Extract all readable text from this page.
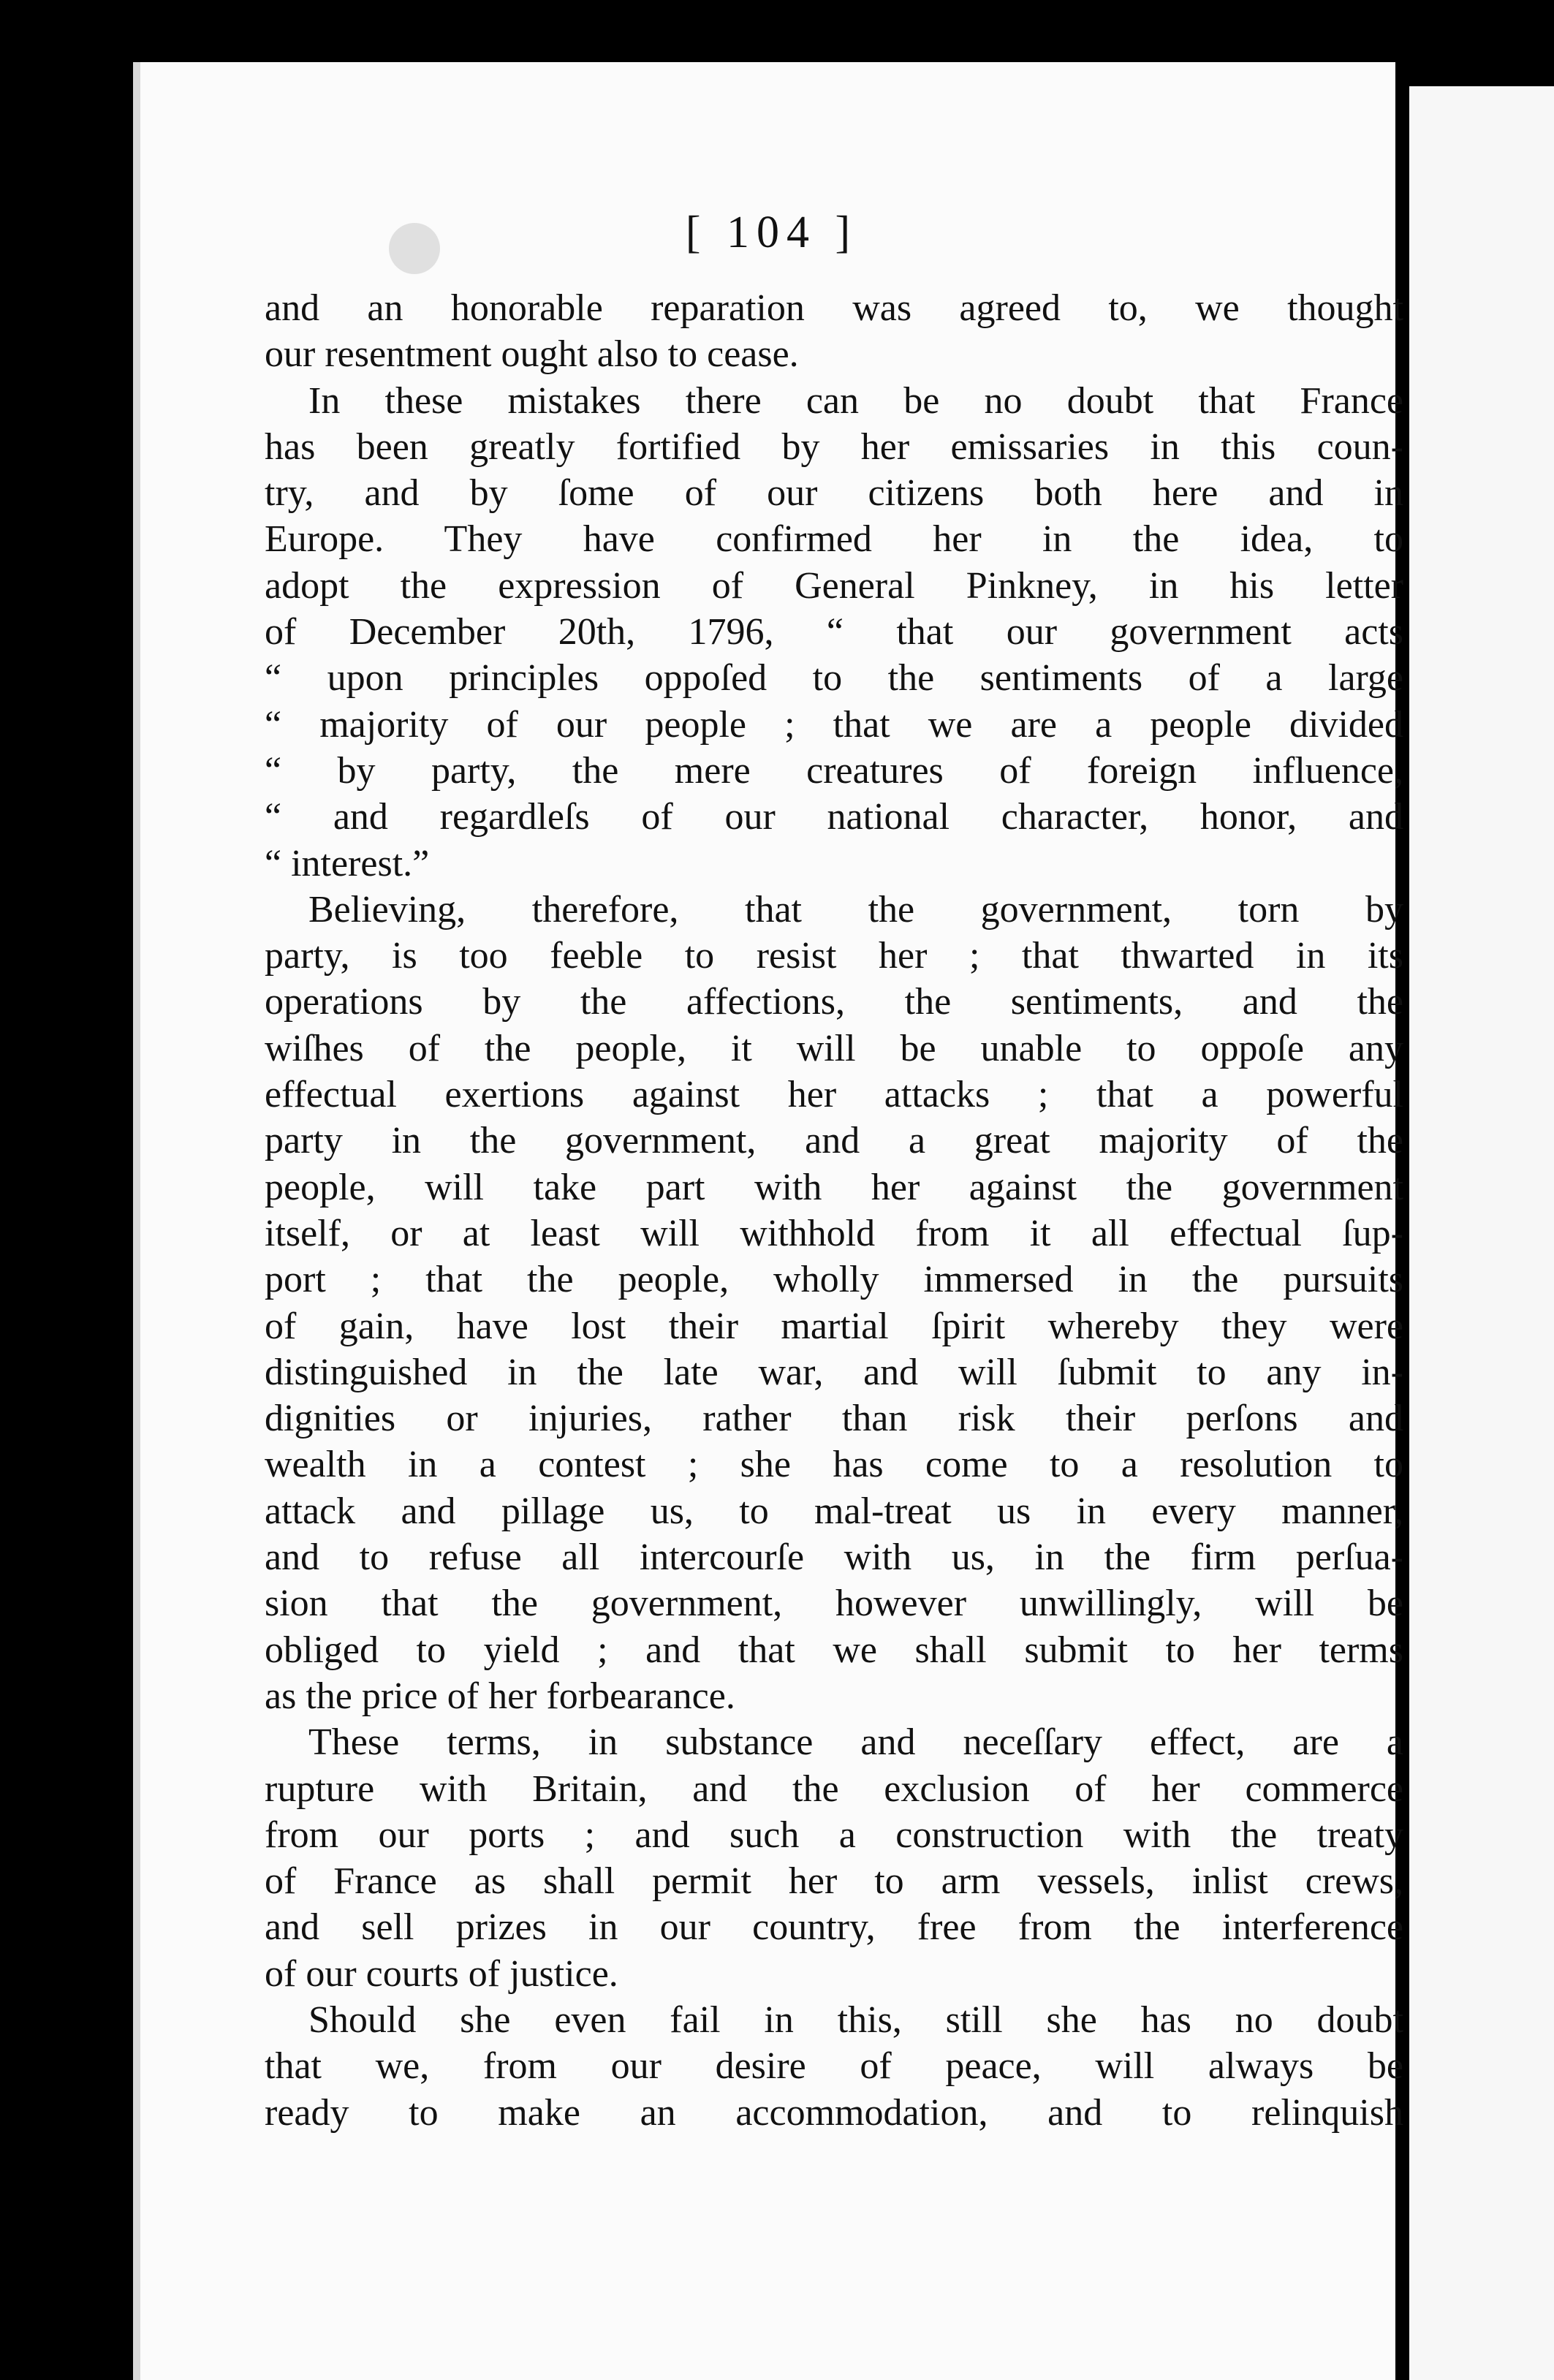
[ 104 ]
and an honorable reparation was agreed to, we thought
our resentment ought also to cease.
In these mistakes there can be no doubt that France
has been greatly fortified by her emissaries in this coun-
try, and by ſome of our citizens both here and in
Europe. They have confirmed her in the idea, to
adopt the expression of General Pinkney, in his letter
of December 20th, 1796, “ that our government acts
“ upon principles oppoſed to the sentiments of a large
“ majority of our people ; that we are a people divided
“ by party, the mere creatures of foreign influence,
“ and regardleſs of our national character, honor, and
“ interest.”
Believing, therefore, that the government, torn by
party, is too feeble to resist her ; that thwarted in its
operations by the affections, the sentiments, and the
wiſhes of the people, it will be unable to oppoſe any
effectual exertions against her attacks ; that a powerful
party in the government, and a great majority of the
people, will take part with her against the government
itself, or at least will withhold from it all effectual ſup-
port ; that the people, wholly immersed in the pursuits
of gain, have lost their martial ſpirit whereby they were
distinguished in the late war, and will ſubmit to any in-
dignities or injuries, rather than risk their perſons and
wealth in a contest ; she has come to a resolution to
attack and pillage us, to mal-treat us in every manner,
and to refuse all intercourſe with us, in the firm perſua-
sion that the government, however unwillingly, will be
obliged to yield ; and that we shall submit to her terms
as the price of her forbearance.
These terms, in substance and neceſſary effect, are a
rupture with Britain, and the exclusion of her commerce
from our ports ; and such a construction with the treaty
of France as shall permit her to arm vessels, inlist crews,
and sell prizes in our country, free from the interference
of our courts of justice.
Should she even fail in this, still she has no doubt
that we, from our desire of peace, will always be
ready to make an accommodation, and to relinquish
